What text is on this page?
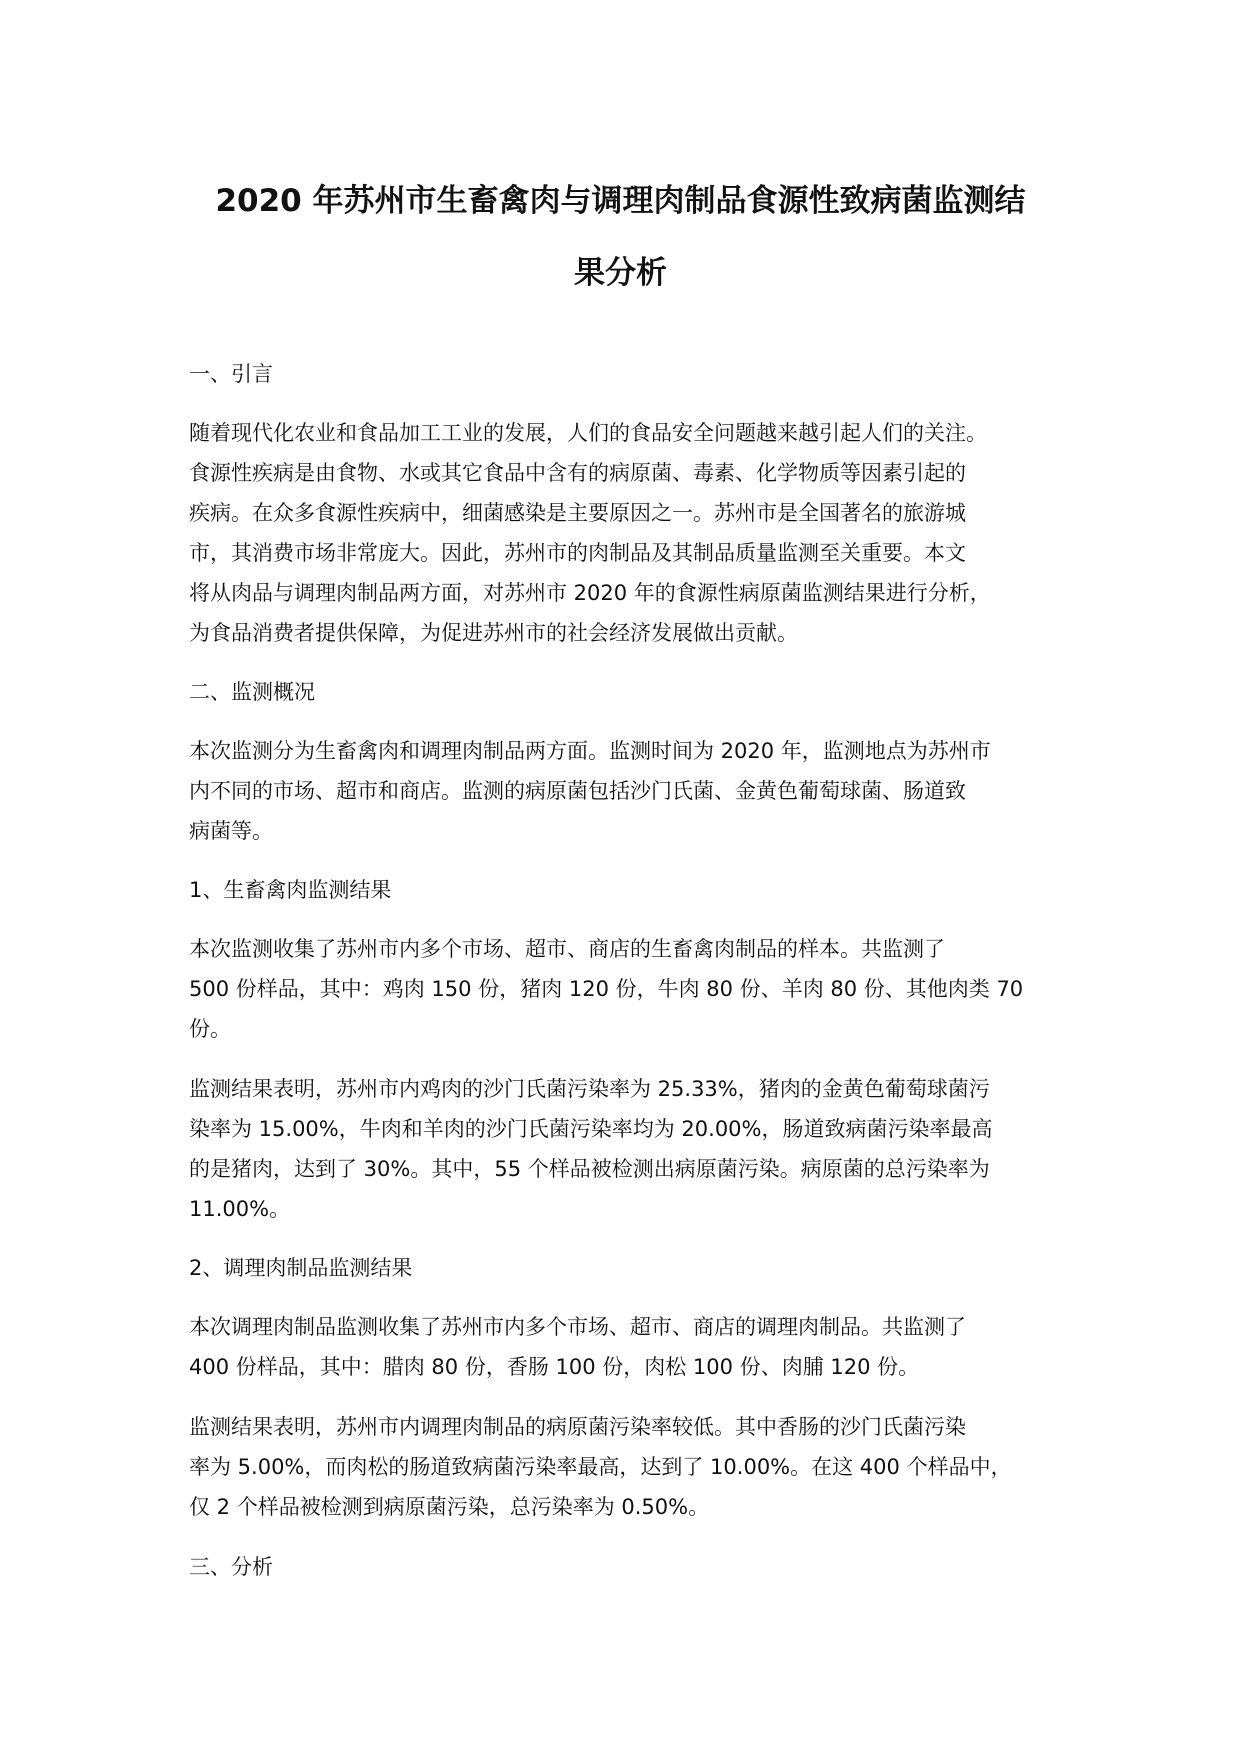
2020 年苏州市生畜禽肉与调理肉制品食源性致病菌监测结
果分析
一、引言
随着现代化农业和食品加工工业的发展，人们的食品安全问题越来越引起人们的关注。
食源性疾病是由食物、水或其它食品中含有的病原菌、毒素、化学物质等因素引起的
疾病。在众多食源性疾病中，细菌感染是主要原因之一。苏州市是全国著名的旅游城
市，其消费市场非常庞大。因此，苏州市的肉制品及其制品质量监测至关重要。本文
将从肉品与调理肉制品两方面，对苏州市 2020 年的食源性病原菌监测结果进行分析，
为食品消费者提供保障，为促进苏州市的社会经济发展做出贡献。
二、监测概况
本次监测分为生畜禽肉和调理肉制品两方面。监测时间为 2020 年，监测地点为苏州市
内不同的市场、超市和商店。监测的病原菌包括沙门氏菌、金黄色葡萄球菌、肠道致
病菌等。
1、生畜禽肉监测结果
本次监测收集了苏州市内多个市场、超市、商店的生畜禽肉制品的样本。共监测了
500 份样品，其中：鸡肉 150 份，猪肉 120 份，牛肉 80 份、羊肉 80 份、其他肉类 70
份。
监测结果表明，苏州市内鸡肉的沙门氏菌污染率为 25.33%，猪肉的金黄色葡萄球菌污
染率为 15.00%，牛肉和羊肉的沙门氏菌污染率均为 20.00%，肠道致病菌污染率最高
的是猪肉，达到了 30%。其中，55 个样品被检测出病原菌污染。病原菌的总污染率为
11.00%。
2、调理肉制品监测结果
本次调理肉制品监测收集了苏州市内多个市场、超市、商店的调理肉制品。共监测了
400 份样品，其中：腊肉 80 份，香肠 100 份，肉松 100 份、肉脯 120 份。
监测结果表明，苏州市内调理肉制品的病原菌污染率较低。其中香肠的沙门氏菌污染
率为 5.00%，而肉松的肠道致病菌污染率最高，达到了 10.00%。在这 400 个样品中，
仅 2 个样品被检测到病原菌污染，总污染率为 0.50%。
三、分析
